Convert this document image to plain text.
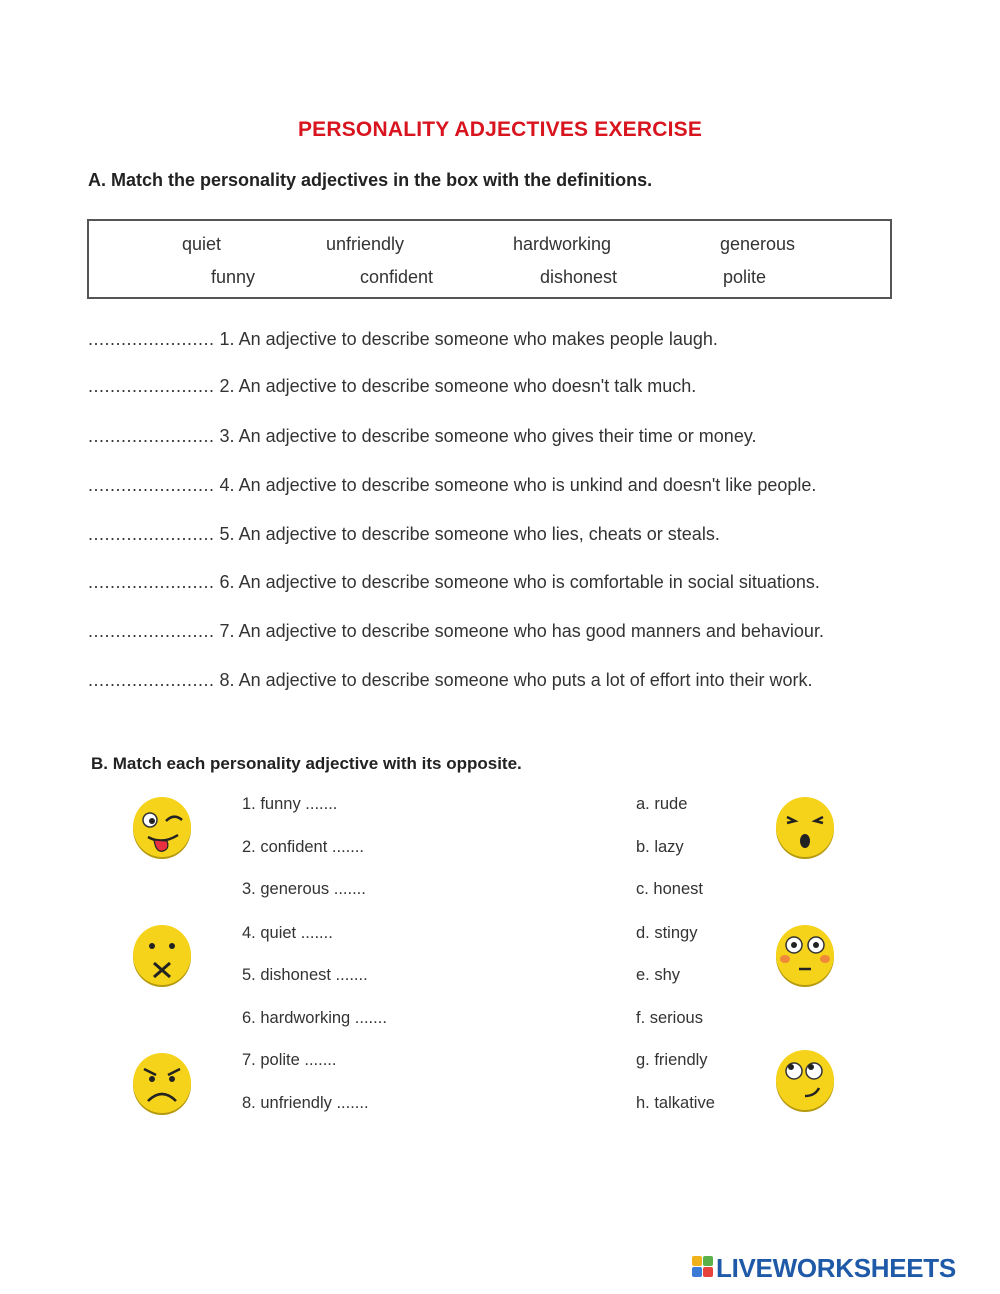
PERSONALITY ADJECTIVES EXERCISE
A. Match the personality adjectives in the box with the definitions.
quiet	unfriendly	hardworking	generous
funny	confident	dishonest	polite
....................... 1. An adjective to describe someone who makes people laugh.
....................... 2. An adjective to describe someone who doesn't talk much.
....................... 3. An adjective to describe someone who gives their time or money.
....................... 4. An adjective to describe someone who is unkind and doesn't like people.
....................... 5. An adjective to describe someone who lies, cheats or steals.
....................... 6. An adjective to describe someone who is comfortable in social situations.
....................... 7. An adjective to describe someone who has good manners and behaviour.
....................... 8. An adjective to describe someone who puts a lot of effort into their work.
B. Match each personality adjective with its opposite.
1. funny .......
2. confident .......
3. generous .......
4. quiet .......
5. dishonest .......
6. hardworking .......
7. polite .......
8. unfriendly .......
a. rude
b. lazy
c. honest
d. stingy
e. shy
f. serious
g. friendly
h. talkative
LIVEWORKSHEETS
